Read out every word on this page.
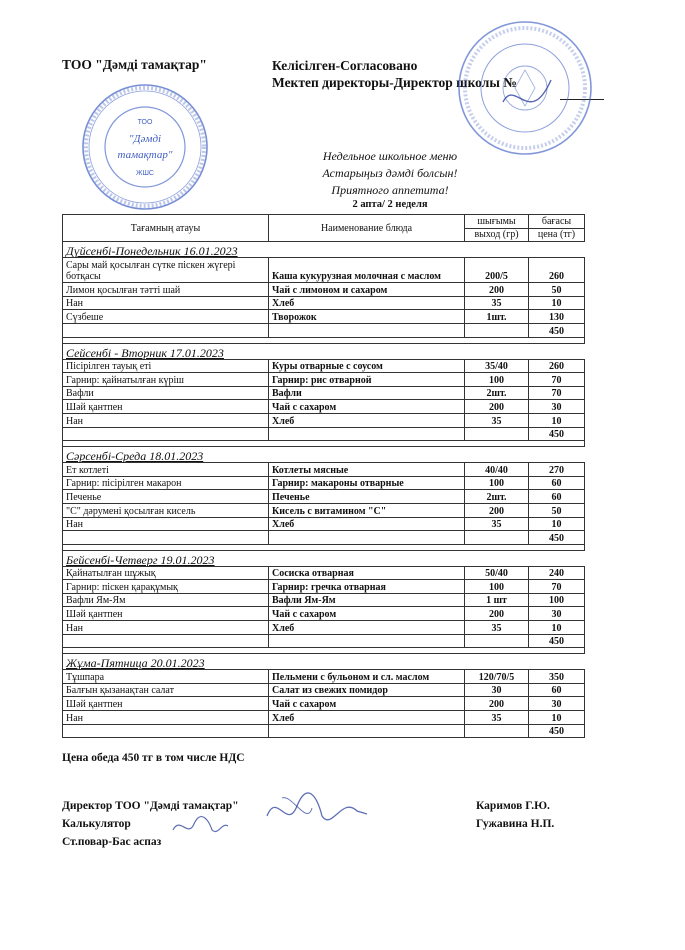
ТОО "Дәмді тамақтар"	Келісілген-Согласовано
Мектеп директоры-Директор школы №
ТОО
"Дәмді
тамақтар"
ЖШС
Недельное школьное меню
Астарыңыз дәмді болсын!
Приятного аппетита!
2 апта/ 2 неделя
Тағамның атауы	Наименование блюда	шығымы	бағасы
		выход (гр)	цена (тг)
Дүйсенбі-Понедельник 16.01.2023			
Сары май қосылған сүтке піскен жүгері ботқасы	Каша кукурузная молочная с маслом	200/5	260
Лимон қосылған тәтті шай	Чай с лимоном и сахаром	200	50
Нан	Хлеб	35	10
Сүзбеше	Творожок	1шт.	130
			450

Сейсенбі - Вторник 17.01.2023			
Пісірілген тауық еті	Куры отварные с соусом	35/40	260
Гарнир: қайнатылған күріш	Гарнир: рис отварной	100	70
Вафли	Вафли	2шт.	70
Шәй қантпен	Чай с сахаром	200	30
Нан	Хлеб	35	10
			450

Сәрсенбі-Среда 18.01.2023			
Ет котлеті	Котлеты мясные	40/40	270
Гарнир: пісірілген макарон	Гарнир: макароны отварные	100	60
Печенье	Печенье	2шт.	60
"С" дәрумені қосылған кисель	Кисель с витамином "С"	200	50
Нан	Хлеб	35	10
			450

Бейсенбі-Четверг 19.01.2023			
Қайнатылған шұжық	Сосиска отварная	50/40	240
Гарнир: піскен қарақұмық	Гарнир: гречка отварная	100	70
Вафли Ям-Ям	Вафли Ям-Ям	1 шт	100
Шәй қантпен	Чай с сахаром	200	30
Нан	Хлеб	35	10
			450

Жұма-Пятница 20.01.2023			
Тұшпара	Пельмени с бульоном и сл. маслом	120/70/5	350
Балғын қызанақтан салат	Салат из свежих помидор	30	60
Шәй қантпен	Чай с сахаром	200	30
Нан	Хлеб	35	10
			450
Цена обеда 450 тг в том числе НДС
Директор ТОО "Дәмді тамақтар"
Калькулятор
Ст.повар-Бас аспаз
Каримов Г.Ю.
Гужавина Н.П.
